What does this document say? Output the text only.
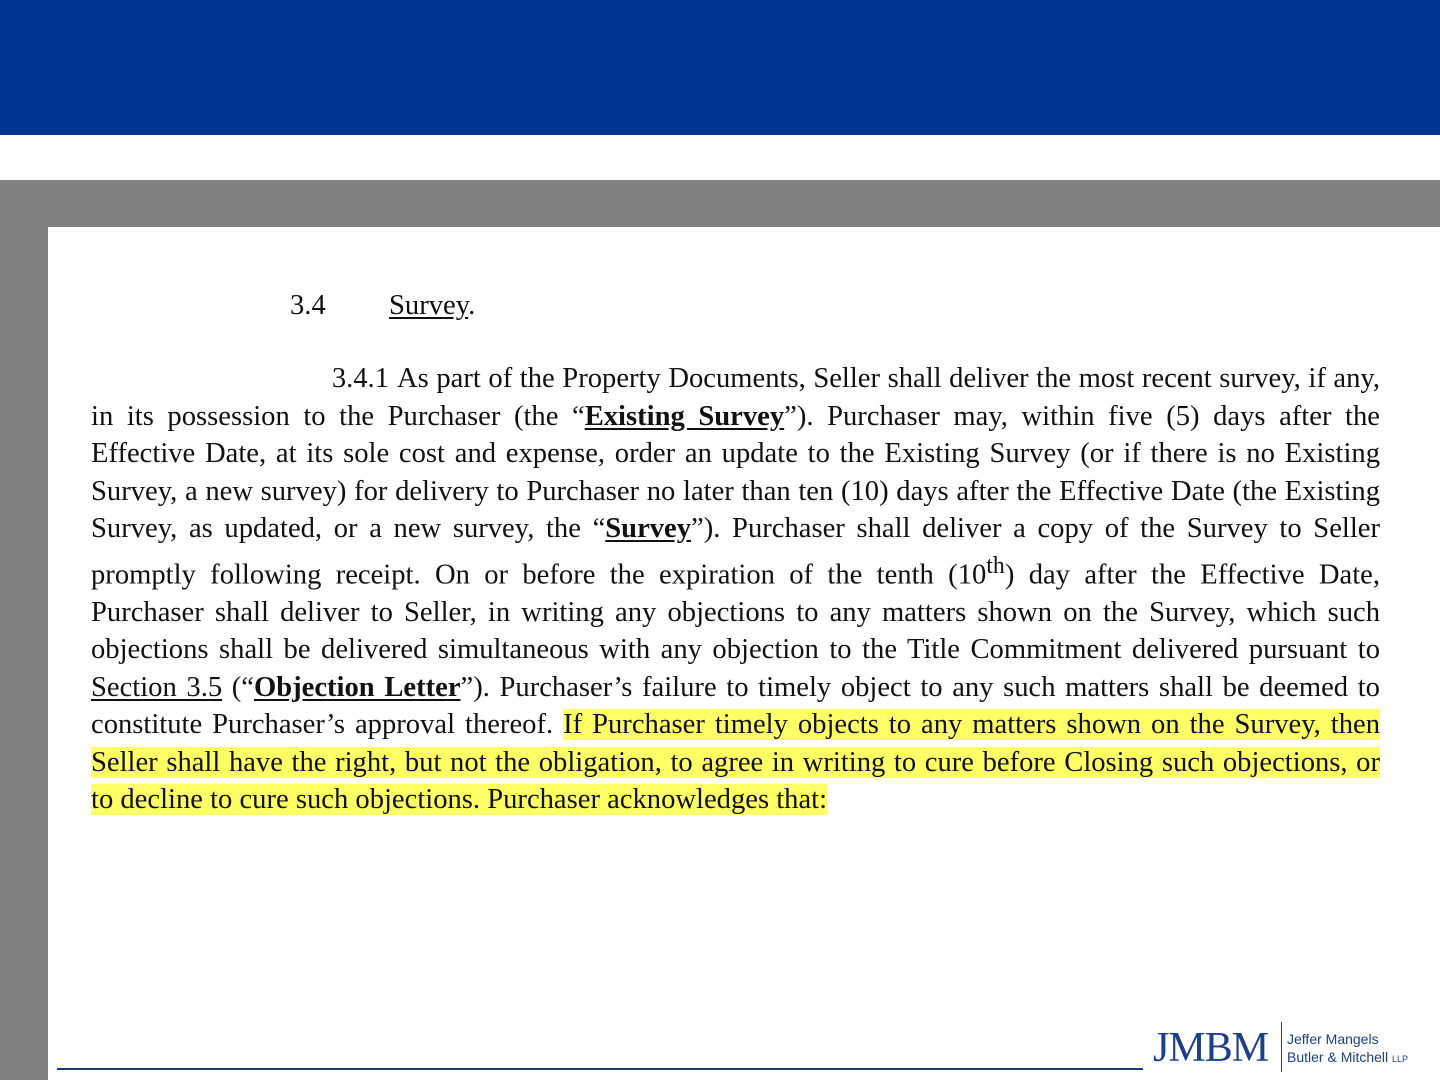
3.4 Survey.
3.4.1 As part of the Property Documents, Seller shall deliver the most recent survey, if any, in its possession to the Purchaser (the “Existing Survey”). Purchaser may, within five (5) days after the Effective Date, at its sole cost and expense, order an update to the Existing Survey (or if there is no Existing Survey, a new survey) for delivery to Purchaser no later than ten (10) days after the Effective Date (the Existing Survey, as updated, or a new survey, the “Survey”). Purchaser shall deliver a copy of the Survey to Seller promptly following receipt. On or before the expiration of the tenth (10th) day after the Effective Date, Purchaser shall deliver to Seller, in writing any objections to any matters shown on the Survey, which such objections shall be delivered simultaneous with any objection to the Title Commitment delivered pursuant to Section 3.5 (“Objection Letter”). Purchaser’s failure to timely object to any such matters shall be deemed to constitute Purchaser’s approval thereof. If Purchaser timely objects to any matters shown on the Survey, then Seller shall have the right, but not the obligation, to agree in writing to cure before Closing such objections, or to decline to cure such objections. Purchaser acknowledges that:
JMBM Jeffer Mangels
Butler & Mitchell LLP
